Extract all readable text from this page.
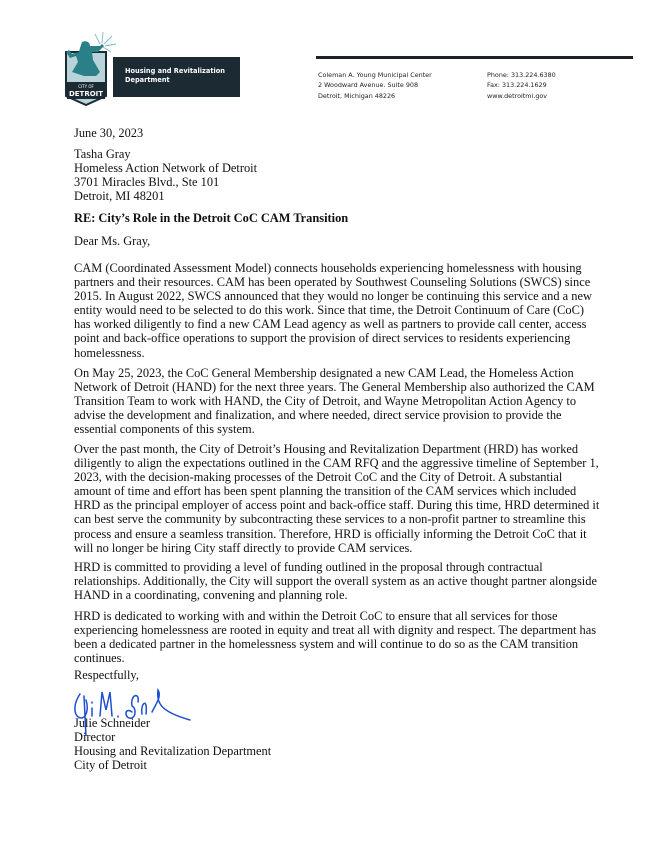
CITY OF
DETROIT
Housing and Revitalization
Department
Coleman A. Young Municipal Center
2 Woodward Avenue. Suite 908
Detroit, Michigan 48226
Phone: 313.224.6380
Fax: 313.224.1629
www.detroitmi.gov
June 30, 2023
Tasha Gray
Homeless Action Network of Detroit
3701 Miracles Blvd., Ste 101
Detroit, MI 48201
RE: City’s Role in the Detroit CoC CAM Transition
Dear Ms. Gray,
CAM (Coordinated Assessment Model) connects households experiencing homelessness with housing
partners and their resources. CAM has been operated by Southwest Counseling Solutions (SWCS) since
2015. In August 2022, SWCS announced that they would no longer be continuing this service and a new
entity would need to be selected to do this work. Since that time, the Detroit Continuum of Care (CoC)
has worked diligently to find a new CAM Lead agency as well as partners to provide call center, access
point and back-office operations to support the provision of direct services to residents experiencing
homelessness.
On May 25, 2023, the CoC General Membership designated a new CAM Lead, the Homeless Action
Network of Detroit (HAND) for the next three years. The General Membership also authorized the CAM
Transition Team to work with HAND, the City of Detroit, and Wayne Metropolitan Action Agency to
advise the development and finalization, and where needed, direct service provision to provide the
essential components of this system.
Over the past month, the City of Detroit’s Housing and Revitalization Department (HRD) has worked
diligently to align the expectations outlined in the CAM RFQ and the aggressive timeline of September 1,
2023, with the decision-making processes of the Detroit CoC and the City of Detroit. A substantial
amount of time and effort has been spent planning the transition of the CAM services which included
HRD as the principal employer of access point and back-office staff. During this time, HRD determined it
can best serve the community by subcontracting these services to a non-profit partner to streamline this
process and ensure a seamless transition. Therefore, HRD is officially informing the Detroit CoC that it
will no longer be hiring City staff directly to provide CAM services.
HRD is committed to providing a level of funding outlined in the proposal through contractual
relationships. Additionally, the City will support the overall system as an active thought partner alongside
HAND in a coordinating, convening and planning role.
HRD is dedicated to working with and within the Detroit CoC to ensure that all services for those
experiencing homelessness are rooted in equity and treat all with dignity and respect. The department has
been a dedicated partner in the homelessness system and will continue to do so as the CAM transition
continues.
Respectfully,
Julie Schneider
Director
Housing and Revitalization Department
City of Detroit
